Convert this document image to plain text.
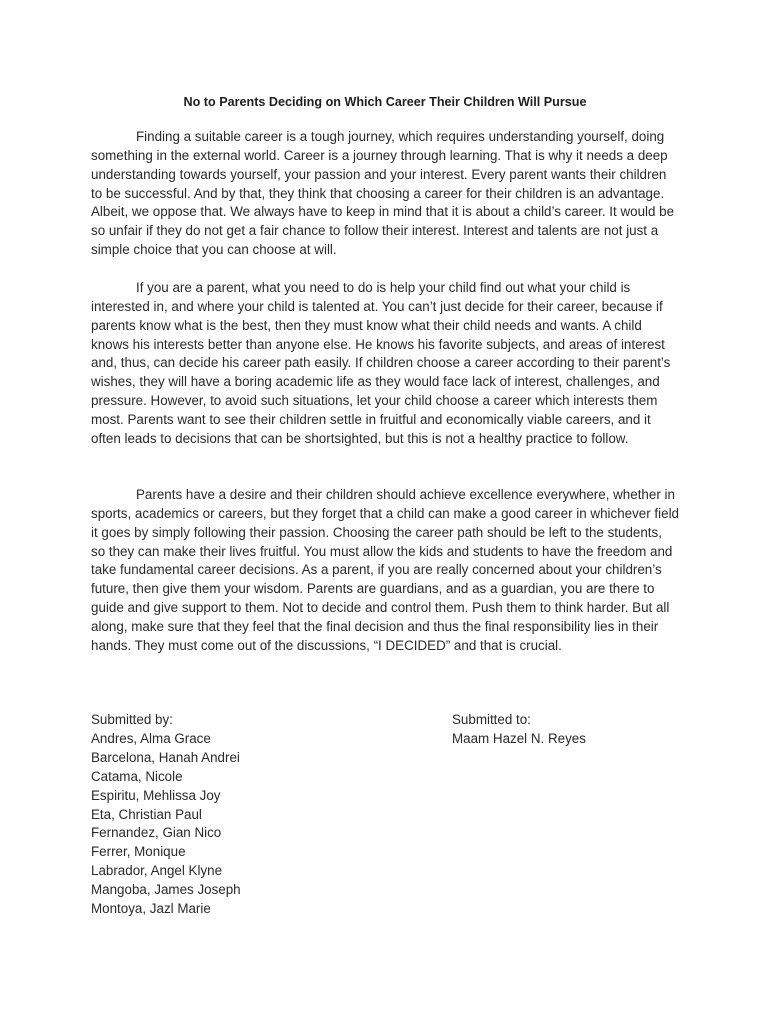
No to Parents Deciding on Which Career Their Children Will Pursue

Finding a suitable career is a tough journey, which requires understanding yourself, doing something in the external world. Career is a journey through learning. That is why it needs a deep understanding towards yourself, your passion and your interest. Every parent wants their children to be successful. And by that, they think that choosing a career for their children is an advantage. Albeit, we oppose that. We always have to keep in mind that it is about a child’s career. It would be so unfair if they do not get a fair chance to follow their interest. Interest and talents are not just a simple choice that you can choose at will.

If you are a parent, what you need to do is help your child find out what your child is interested in, and where your child is talented at. You can’t just decide for their career, because if parents know what is the best, then they must know what their child needs and wants. A child knows his interests better than anyone else. He knows his favorite subjects, and areas of interest and, thus, can decide his career path easily. If children choose a career according to their parent’s wishes, they will have a boring academic life as they would face lack of interest, challenges, and pressure. However, to avoid such situations, let your child choose a career which interests them most. Parents want to see their children settle in fruitful and economically viable careers, and it often leads to decisions that can be shortsighted, but this is not a healthy practice to follow.

Parents have a desire and their children should achieve excellence everywhere, whether in sports, academics or careers, but they forget that a child can make a good career in whichever field it goes by simply following their passion. Choosing the career path should be left to the students, so they can make their lives fruitful. You must allow the kids and students to have the freedom and take fundamental career decisions. As a parent, if you are really concerned about your children’s future, then give them your wisdom. Parents are guardians, and as a guardian, you are there to guide and give support to them. Not to decide and control them. Push them to think harder. But all along, make sure that they feel that the final decision and thus the final responsibility lies in their hands. They must come out of the discussions, “I DECIDED” and that is crucial.

Submitted by:
Andres, Alma Grace
Barcelona, Hanah Andrei
Catama, Nicole
Espiritu, Mehlissa Joy
Eta, Christian Paul
Fernandez, Gian Nico
Ferrer, Monique
Labrador, Angel Klyne
Mangoba, James Joseph
Montoya, Jazl Marie
Submitted to:
Maam Hazel N. Reyes
